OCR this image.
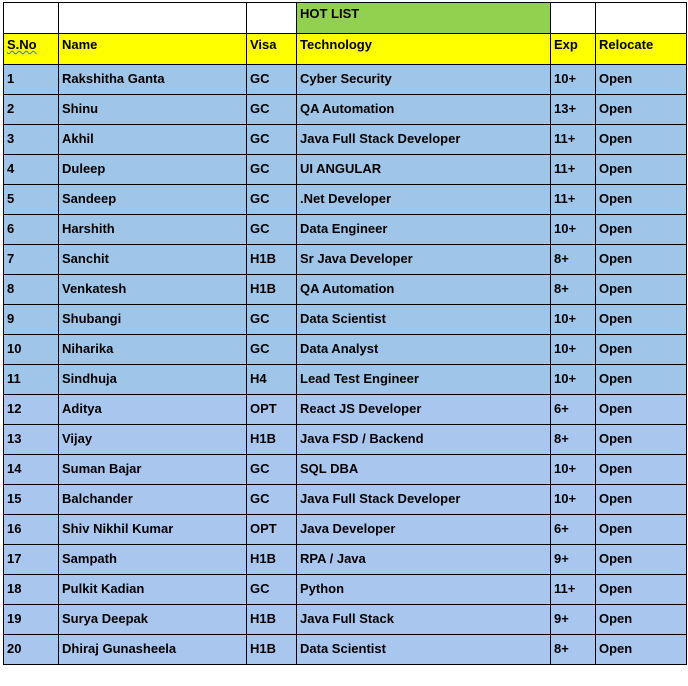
			HOT LIST		
S.No	Name	Visa	Technology	Exp	Relocate
1	Rakshitha Ganta	GC	Cyber Security	10+	Open
2	Shinu	GC	QA Automation	13+	Open
3	Akhil	GC	Java Full Stack Developer	11+	Open
4	Duleep	GC	UI ANGULAR	11+	Open
5	Sandeep	GC	.Net Developer	11+	Open
6	Harshith	GC	Data Engineer	10+	Open
7	Sanchit	H1B	Sr Java Developer	8+	Open
8	Venkatesh	H1B	QA Automation	8+	Open
9	Shubangi	GC	Data Scientist	10+	Open
10	Niharika	GC	Data Analyst	10+	Open
11	Sindhuja	H4	Lead Test Engineer	10+	Open
12	Aditya	OPT	React JS Developer	6+	Open
13	Vijay	H1B	Java FSD / Backend	8+	Open
14	Suman Bajar	GC	SQL DBA	10+	Open
15	Balchander	GC	Java Full Stack Developer	10+	Open
16	Shiv Nikhil Kumar	OPT	Java Developer	6+	Open
17	Sampath	H1B	RPA / Java	9+	Open
18	Pulkit Kadian	GC	Python	11+	Open
19	Surya Deepak	H1B	Java Full Stack	9+	Open
20	Dhiraj Gunasheela	H1B	Data Scientist	8+	Open
